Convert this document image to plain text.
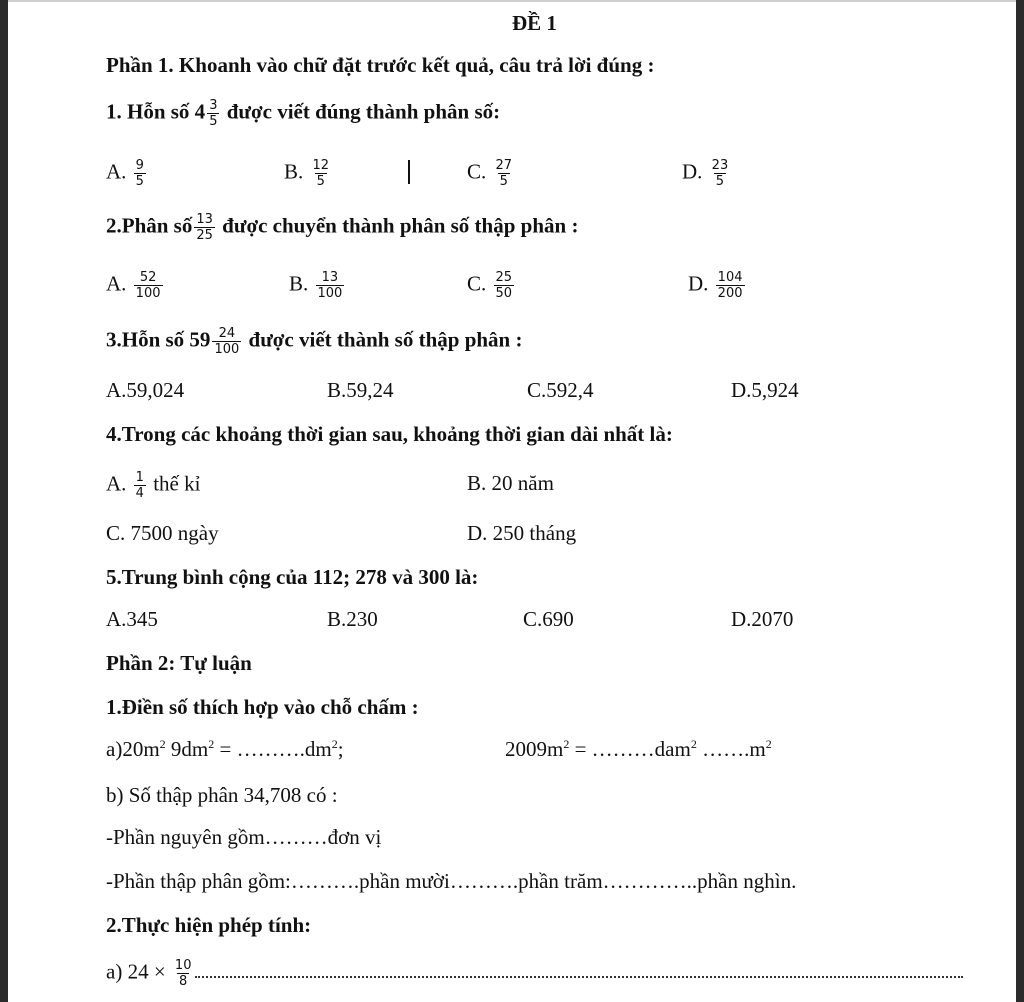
ĐỀ 1
Phần 1. Khoanh vào chữ đặt trước kết quả, câu trả lời đúng :
1. Hỗn số $4 \frac{3}{5}$ được viết đúng thành phân số:
A. $\frac{9}{5}$	B. $\frac{12}{5}$	C. $\frac{27}{5}$	D. $\frac{23}{5}$
2.Phân số $\frac{13}{25}$ được chuyển thành phân số thập phân :
A. $\frac{52}{100}$	B. $\frac{13}{100}$	C. $\frac{25}{50}$	D. $\frac{104}{200}$
3.Hỗn số $59 \frac{24}{100}$ được viết thành số thập phân :
A.59,024	B.59,24	C.592,4	D.5,924
4.Trong các khoảng thời gian sau, khoảng thời gian dài nhất là:
A. $\frac{1}{4}$ thế kỉ	B. 20 năm
C. 7500 ngày	D. 250 tháng
5.Trung bình cộng của 112; 278 và 300 là:
A.345	B.230	C.690	D.2070
Phần 2: Tự luận
1.Điền số thích hợp vào chỗ chấm :
$a)20m^2$ $9dm^2$ = $\dots\dots\dots.dm^2$;	$2009m^2$ = ………dam$^2$ $\dots\dots.m^2$
b) Số thập phân 34,708 có :
-Phần nguyên gồm………đơn vị
-Phần thập phân gồm:……….phần mười……….phần trăm…………..phần nghìn.
2.Thực hiện phép tính:
a) $24 \times \frac{10}{8}$
